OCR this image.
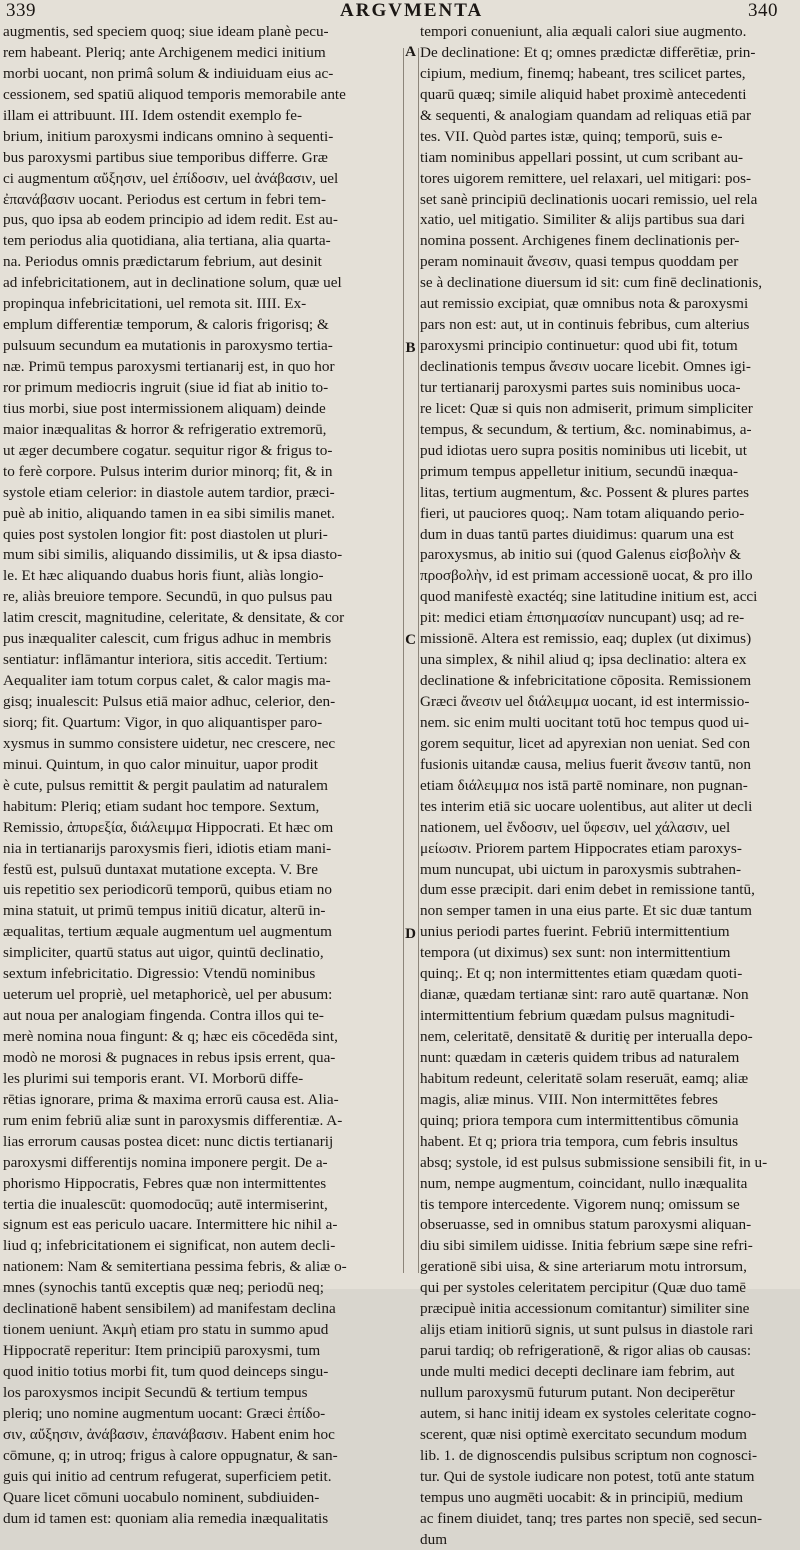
339	ARGVMENTA	340
A
B
C
D
augmentis, sed speciem quoq; siue ideam planè pecu-
rem habeant. Pleriq; ante Archigenem medici initium
morbi uocant, non primâ solum & indiuiduam eius ac-
cessionem, sed spatiū aliquod temporis memorabile ante
illam ei attribuunt. III. Idem ostendit exemplo fe-
brium, initium paroxysmi indicans omnino à sequenti-
bus paroxysmi partibus siue temporibus differre. Græ
ci augmentum αὔξησιν, uel ἐπίδοσιν, uel ἀνάβασιν, uel
ἐπανάβασιν uocant. Periodus est certum in febri tem-
pus, quo ipsa ab eodem principio ad idem redit. Est au-
tem periodus alia quotidiana, alia tertiana, alia quarta-
na. Periodus omnis prædictarum febrium, aut desinit
ad infebricitationem, aut in declinatione solum, quæ uel
propinqua infebricitationi, uel remota sit. IIII. Ex-
emplum differentiæ temporum, & caloris frigorisq; &
pulsuum secundum ea mutationis in paroxysmo tertia-
næ. Primū tempus paroxysmi tertianarij est, in quo hor
ror primum mediocris ingruit (siue id fiat ab initio to-
tius morbi, siue post intermissionem aliquam) deinde
maior inæqualitas & horror & refrigeratio extremorū,
ut æger decumbere cogatur. sequitur rigor & frigus to-
to ferè corpore. Pulsus interim durior minorq; fit, & in
systole etiam celerior: in diastole autem tardior, præci-
puè ab initio, aliquando tamen in ea sibi similis manet.
quies post systolen longior fit: post diastolen ut pluri-
mum sibi similis, aliquando dissimilis, ut & ipsa diasto-
le. Et hæc aliquando duabus horis fiunt, aliàs longio-
re, aliàs breuiore tempore. Secundū, in quo pulsus pau
latim crescit, magnitudine, celeritate, & densitate, & cor
pus inæqualiter calescit, cum frigus adhuc in membris
sentiatur: inflāmantur interiora, sitis accedit. Tertium:
Aequaliter iam totum corpus calet, & calor magis ma-
gisq; inualescit: Pulsus etiā maior adhuc, celerior, den-
siorq; fit. Quartum: Vigor, in quo aliquantisper paro-
xysmus in summo consistere uidetur, nec crescere, nec
minui. Quintum, in quo calor minuitur, uapor prodit
è cute, pulsus remittit & pergit paulatim ad naturalem
habitum: Pleriq; etiam sudant hoc tempore. Sextum,
Remissio, ἀπυρεξία, διάλειμμα Hippocrati. Et hæc om
nia in tertianarijs paroxysmis fieri, idiotis etiam mani-
festū est, pulsuū duntaxat mutatione excepta. V. Bre
uis repetitio sex periodicorū temporū, quibus etiam no
mina statuit, ut primū tempus initiū dicatur, alterū in-
æqualitas, tertium æquale augmentum uel augmentum
simpliciter, quartū status aut uigor, quintū declinatio,
sextum infebricitatio. Digressio: Vtendū nominibus
ueterum uel propriè, uel metaphoricè, uel per abusum:
aut noua per analogiam fingenda. Contra illos qui te-
merè nomina noua fingunt: & q; hæc eis cōcedēda sint,
modò ne morosi & pugnaces in rebus ipsis errent, qua-
les plurimi sui temporis erant. VI. Morborū diffe-
rētias ignorare, prima & maxima errorū causa est. Alia-
rum enim febriū aliæ sunt in paroxysmis differentiæ. A-
lias errorum causas postea dicet: nunc dictis tertianarij
paroxysmi differentijs nomina imponere pergit. De a-
phorismo Hippocratis, Febres quæ non intermittentes
tertia die inualescūt: quomodocūq; autē intermiserint,
signum est eas periculo uacare. Intermittere hic nihil a-
liud q; infebricitationem ei significat, non autem decli-
nationem: Nam & semitertiana pessima febris, & aliæ o-
mnes (synochis tantū exceptis quæ neq; periodū neq;
declinationē habent sensibilem) ad manifestam declina
tionem ueniunt. Ἀκμὴ etiam pro statu in summo apud
Hippocratē reperitur: Item principiū paroxysmi, tum
quod initio totius morbi fit, tum quod deinceps singu-
los paroxysmos incipit Secundū & tertium tempus
pleriq; uno nomine augmentum uocant: Græci ἐπίδο-
σιν, αὔξησιν, ἀνάβασιν, ἐπανάβασιν. Habent enim hoc
cōmune, q; in utroq; frigus à calore oppugnatur, & san-
guis qui initio ad centrum refugerat, superficiem petit.
Quare licet cōmuni uocabulo nominent, subdiuiden-
dum id tamen est: quoniam alia remedia inæqualitatis
tempori conueniunt, alia æquali calori siue augmento.
De declinatione: Et q; omnes prædictæ differētiæ, prin-
cipium, medium, finemq; habeant, tres scilicet partes,
quarū quæq; simile aliquid habet proximè antecedenti
& sequenti, & analogiam quandam ad reliquas etiā par
tes. VII. Quòd partes istæ, quinq; temporū, suis e-
tiam nominibus appellari possint, ut cum scribant au-
tores uigorem remittere, uel relaxari, uel mitigari: pos-
set sanè principiū declinationis uocari remissio, uel rela
xatio, uel mitigatio. Similiter & alijs partibus sua dari
nomina possent. Archigenes finem declinationis per-
peram nominauit ἄνεσιν, quasi tempus quoddam per
se à declinatione diuersum id sit: cum finē declinationis,
aut remissio excipiat, quæ omnibus nota & paroxysmi
pars non est: aut, ut in continuis febribus, cum alterius
paroxysmi principio continuetur: quod ubi fit, totum
declinationis tempus ἄνεσιν uocare licebit. Omnes igi-
tur tertianarij paroxysmi partes suis nominibus uoca-
re licet: Quæ si quis non admiserit, primum simpliciter
tempus, & secundum, & tertium, &c. nominabimus, a-
pud idiotas uero supra positis nominibus uti licebit, ut
primum tempus appelletur initium, secundū inæqua-
litas, tertium augmentum, &c. Possent & plures partes
fieri, ut pauciores quoq;. Nam totam aliquando perio-
dum in duas tantū partes diuidimus: quarum una est
paroxysmus, ab initio sui (quod Galenus εἰσβολὴν &
προσβολὴν, id est primam accessionē uocat, & pro illo
quod manifestè exactéq; sine latitudine initium est, acci
pit: medici etiam ἐπισημασίαν nuncupant) usq; ad re-
missionē. Altera est remissio, eaq; duplex (ut diximus)
una simplex, & nihil aliud q; ipsa declinatio: altera ex
declinatione & infebricitatione cōposita. Remissionem
Græci ἄνεσιν uel διάλειμμα uocant, id est intermissio-
nem. sic enim multi uocitant totū hoc tempus quod ui-
gorem sequitur, licet ad apyrexian non ueniat. Sed con
fusionis uitandæ causa, melius fuerit ἄνεσιν tantū, non
etiam διάλειμμα nos istā partē nominare, non pugnan-
tes interim etiā sic uocare uolentibus, aut aliter ut decli
nationem, uel ἔνδοσιν, uel ὕφεσιν, uel χάλασιν, uel
μείωσιν. Priorem partem Hippocrates etiam paroxys-
mum nuncupat, ubi uictum in paroxysmis subtrahen-
dum esse præcipit. dari enim debet in remissione tantū,
non semper tamen in una eius parte. Et sic duæ tantum
unius periodi partes fuerint. Febriū intermittentium
tempora (ut diximus) sex sunt: non intermittentium
quinq;. Et q; non intermittentes etiam quædam quoti-
dianæ, quædam tertianæ sint: raro autē quartanæ. Non
intermittentium febrium quædam pulsus magnitudi-
nem, celeritatē, densitatē & duritię per interualla depo-
nunt: quædam in cæteris quidem tribus ad naturalem
habitum redeunt, celeritatē solam reseruāt, eamq; aliæ
magis, aliæ minus. VIII. Non intermittētes febres
quinq; priora tempora cum intermittentibus cōmunia
habent. Et q; priora tria tempora, cum febris insultus
absq; systole, id est pulsus submissione sensibili fit, in u-
num, nempe augmentum, coincidant, nullo inæqualita
tis tempore intercedente. Vigorem nunq; omissum se
obseruasse, sed in omnibus statum paroxysmi aliquan-
diu sibi similem uidisse. Initia febrium sæpe sine refri-
gerationē sibi uisa, & sine arteriarum motu introrsum,
qui per systoles celeritatem percipitur (Quæ duo tamē
præcipuè initia accessionum comitantur) similiter sine
alijs etiam initiorū signis, ut sunt pulsus in diastole rari
parui tardiq; ob refrigerationē, & rigor alias ob causas:
unde multi medici decepti declinare iam febrim, aut
nullum paroxysmū futurum putant. Non deciperētur
autem, si hanc initij ideam ex systoles celeritate cogno-
scerent, quæ nisi optimè exercitato secundum modum
lib. 1. de dignoscendis pulsibus scriptum non cognosci-
tur. Qui de systole iudicare non potest, totū ante statum
tempus uno augmēti uocabit: & in principiū, medium
ac finem diuidet, tanq; tres partes non speciē, sed secun-
dum
